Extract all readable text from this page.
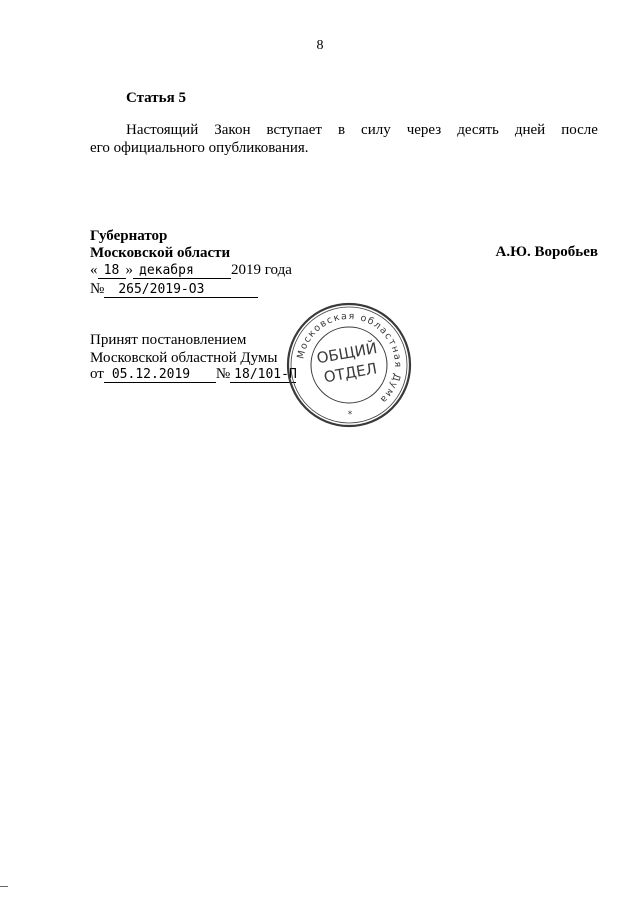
8
Статья 5
Настоящий Закон вступает в силу через десять дней после
его официального опубликования.
Губернатор
Московской области	А.Ю. Воробьев
« 18 » декабря 2019 года
№ 265/2019-ОЗ
Принят постановлением
Московской областной Думы
от 05.12.2019 № 18/101-П
Московская областная Дума
ОБЩИЙ
ОТДЕЛ
*
